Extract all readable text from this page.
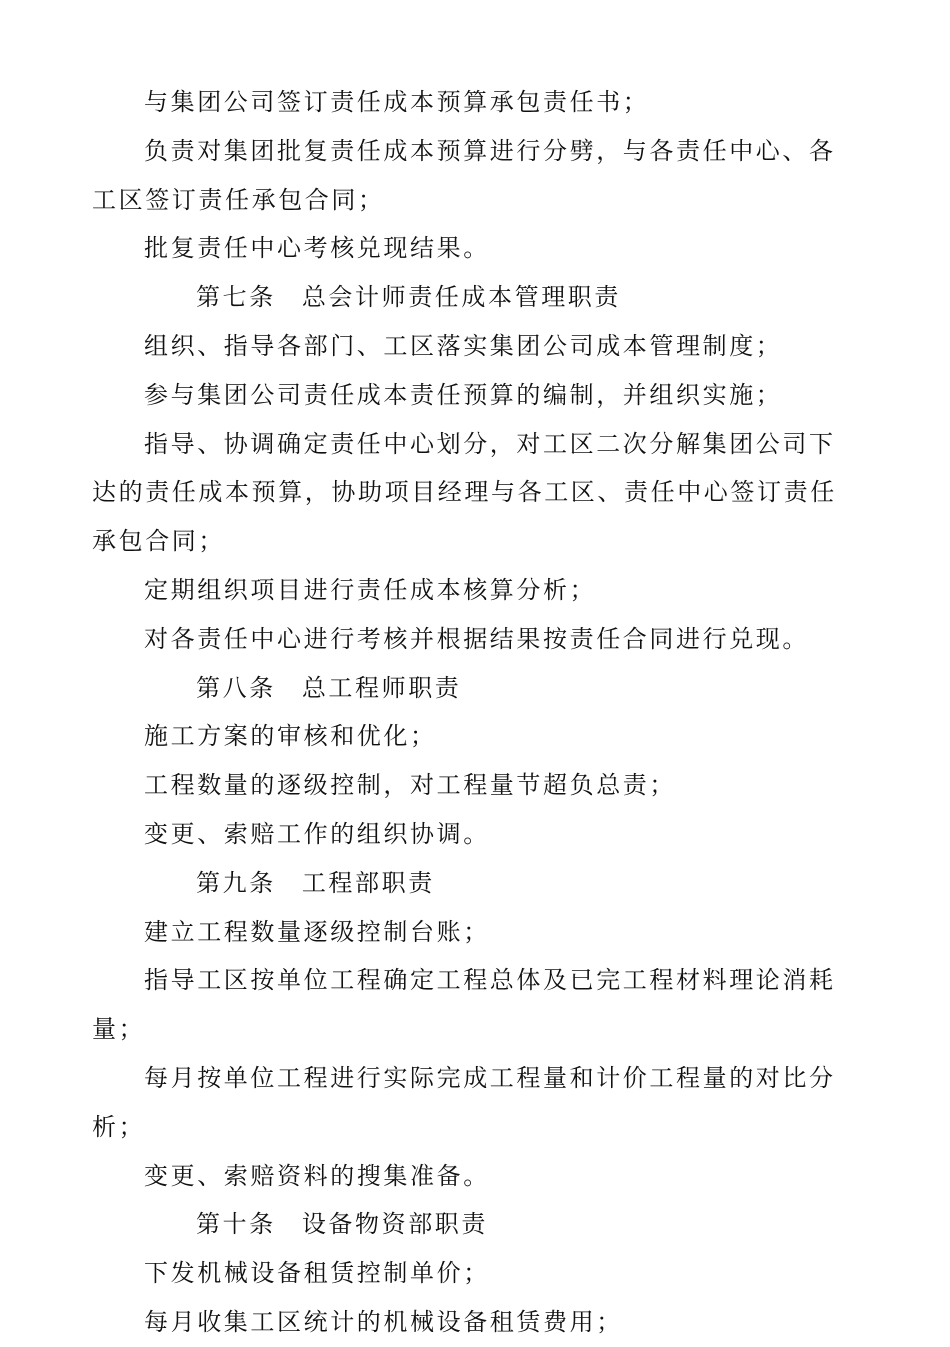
与集团公司签订责任成本预算承包责任书；

负责对集团批复责任成本预算进行分劈，与各责任中心、各工区签订责任承包合同；

批复责任中心考核兑现结果。

第七条 总会计师责任成本管理职责

组织、指导各部门、工区落实集团公司成本管理制度；

参与集团公司责任成本责任预算的编制，并组织实施；

指导、协调确定责任中心划分，对工区二次分解集团公司下达的责任成本预算，协助项目经理与各工区、责任中心签订责任承包合同；

定期组织项目进行责任成本核算分析；

对各责任中心进行考核并根据结果按责任合同进行兑现。

第八条 总工程师职责

施工方案的审核和优化；

工程数量的逐级控制，对工程量节超负总责；

变更、索赔工作的组织协调。

第九条 工程部职责

建立工程数量逐级控制台账；

指导工区按单位工程确定工程总体及已完工程材料理论消耗量；

每月按单位工程进行实际完成工程量和计价工程量的对比分析；

变更、索赔资料的搜集准备。

第十条 设备物资部职责

下发机械设备租赁控制单价；

每月收集工区统计的机械设备租赁费用；
